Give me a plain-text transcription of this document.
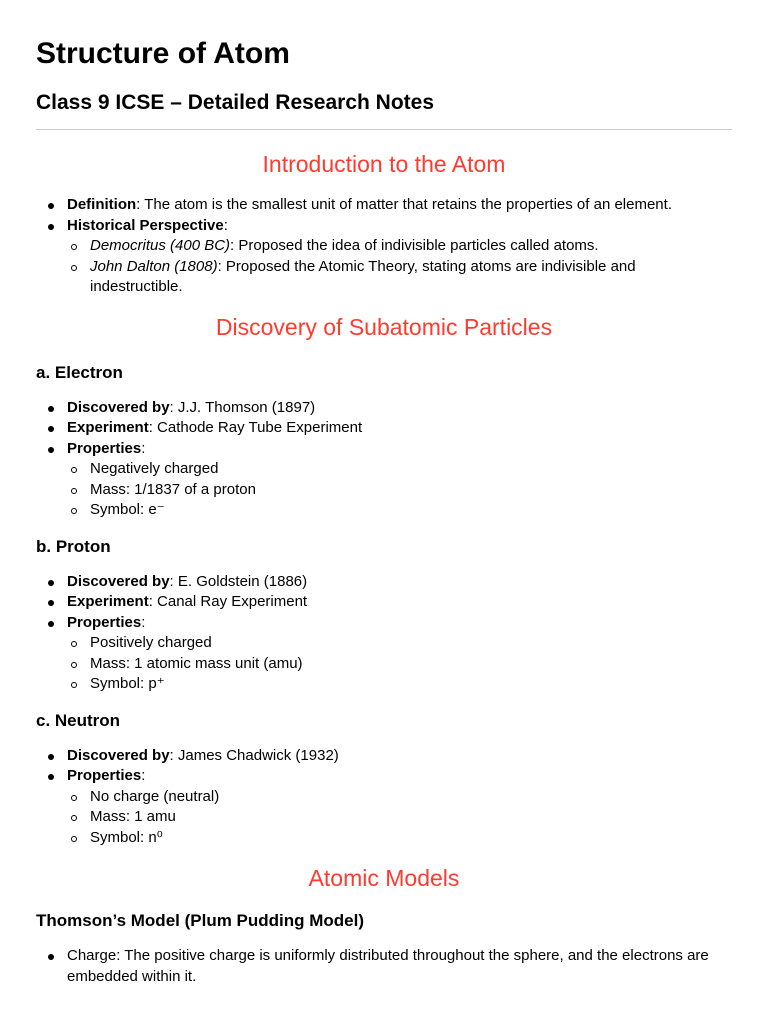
Structure of Atom
Class 9 ICSE – Detailed Research Notes
Introduction to the Atom
Definition: The atom is the smallest unit of matter that retains the properties of an element.
Historical Perspective:
Democritus (400 BC): Proposed the idea of indivisible particles called atoms.
John Dalton (1808): Proposed the Atomic Theory, stating atoms are indivisible and indestructible.
Discovery of Subatomic Particles
a. Electron
Discovered by: J.J. Thomson (1897)
Experiment: Cathode Ray Tube Experiment
Properties:
Negatively charged
Mass: 1/1837 of a proton
Symbol: e⁻
b. Proton
Discovered by: E. Goldstein (1886)
Experiment: Canal Ray Experiment
Properties:
Positively charged
Mass: 1 atomic mass unit (amu)
Symbol: p⁺
c. Neutron
Discovered by: James Chadwick (1932)
Properties:
No charge (neutral)
Mass: 1 amu
Symbol: n⁰
Atomic Models
Thomson’s Model (Plum Pudding Model)
Charge: The positive charge is uniformly distributed throughout the sphere, and the electrons are embedded within it.
